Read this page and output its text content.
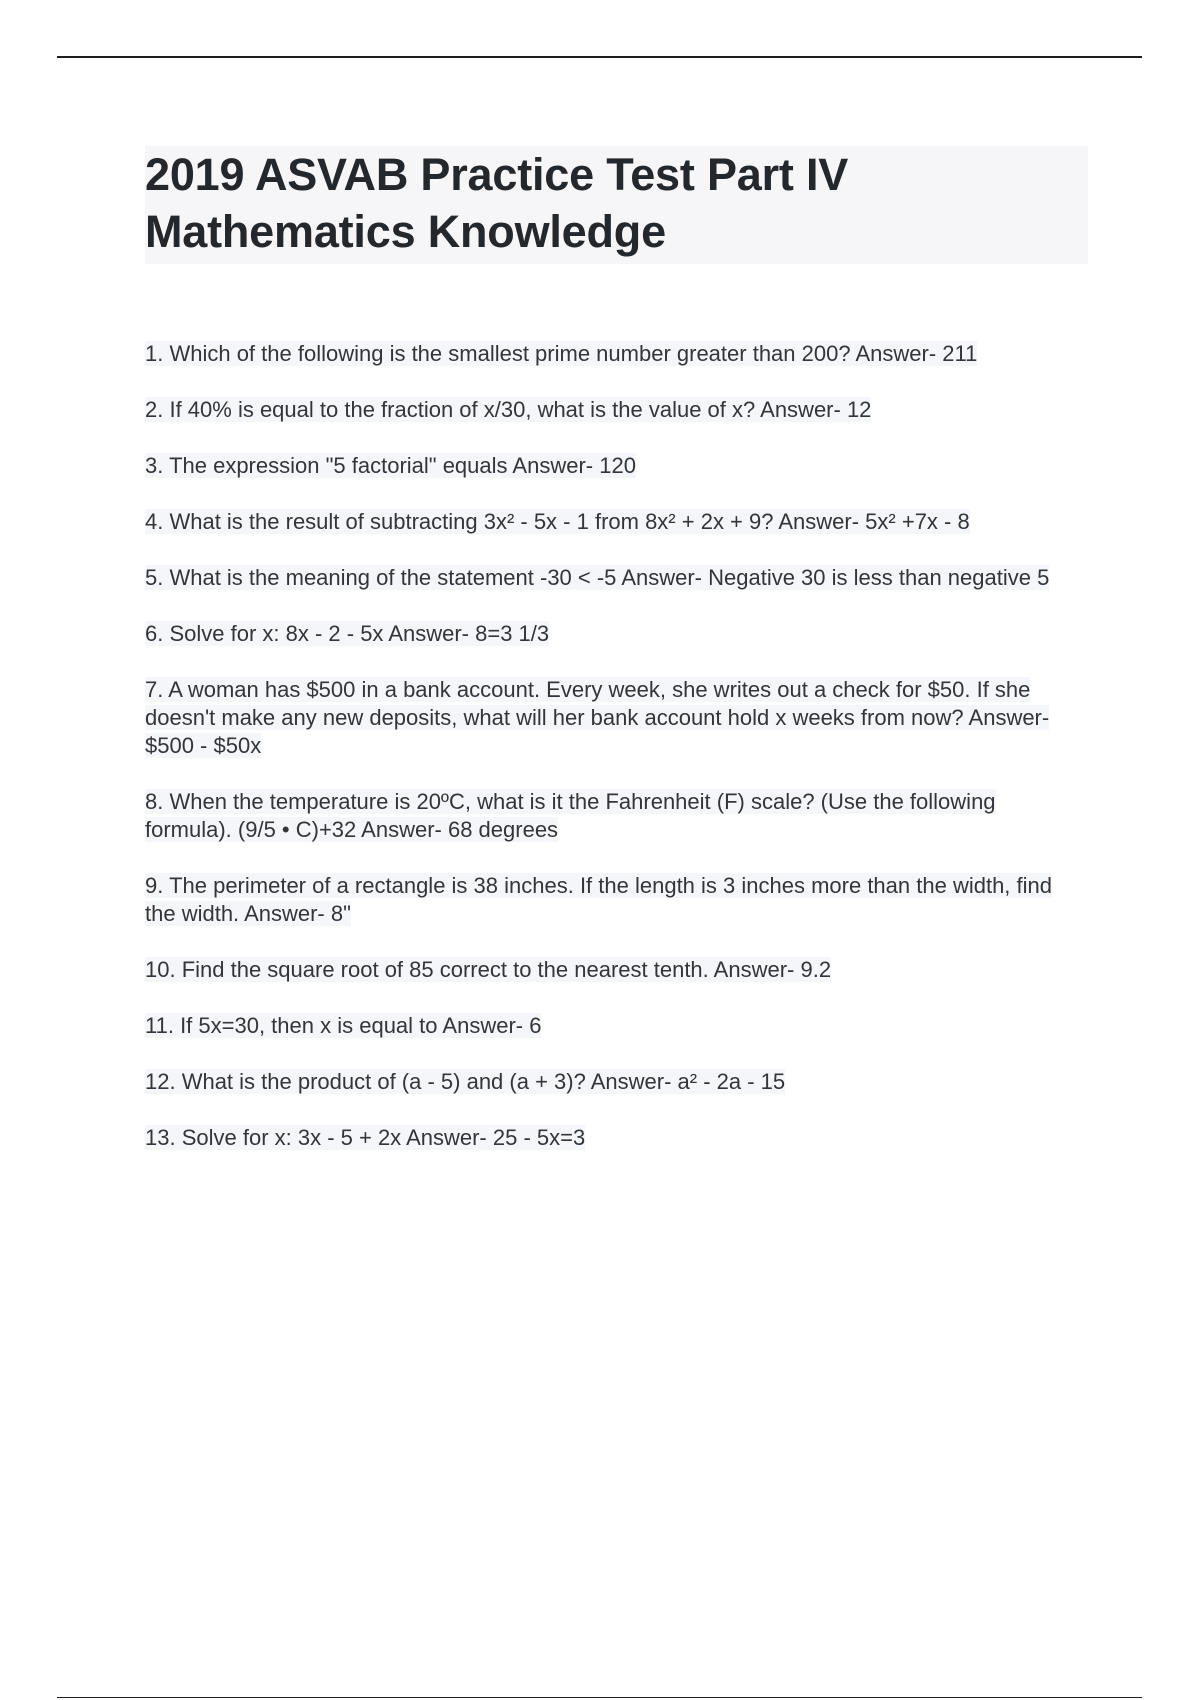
2019 ASVAB Practice Test Part IV
Mathematics Knowledge
1. Which of the following is the smallest prime number greater than 200? Answer- 211
2. If 40% is equal to the fraction of x/30, what is the value of x? Answer- 12
3. The expression "5 factorial" equals Answer- 120
4. What is the result of subtracting 3x² - 5x - 1 from 8x² + 2x + 9? Answer- 5x² +7x - 8
5. What is the meaning of the statement -30 < -5 Answer- Negative 30 is less than negative 5
6. Solve for x: 8x - 2 - 5x Answer- 8=3 1/3
7. A woman has $500 in a bank account. Every week, she writes out a check for $50. If she doesn't make any new deposits, what will her bank account hold x weeks from now? Answer- $500 - $50x
8. When the temperature is 20ºC, what is it the Fahrenheit (F) scale? (Use the following formula). (9/5 • C)+32 Answer- 68 degrees
9. The perimeter of a rectangle is 38 inches. If the length is 3 inches more than the width, find the width. Answer- 8"
10. Find the square root of 85 correct to the nearest tenth. Answer- 9.2
11. If 5x=30, then x is equal to Answer- 6
12. What is the product of (a - 5) and (a + 3)? Answer- a² - 2a - 15
13. Solve for x: 3x - 5 + 2x Answer- 25 - 5x=3
